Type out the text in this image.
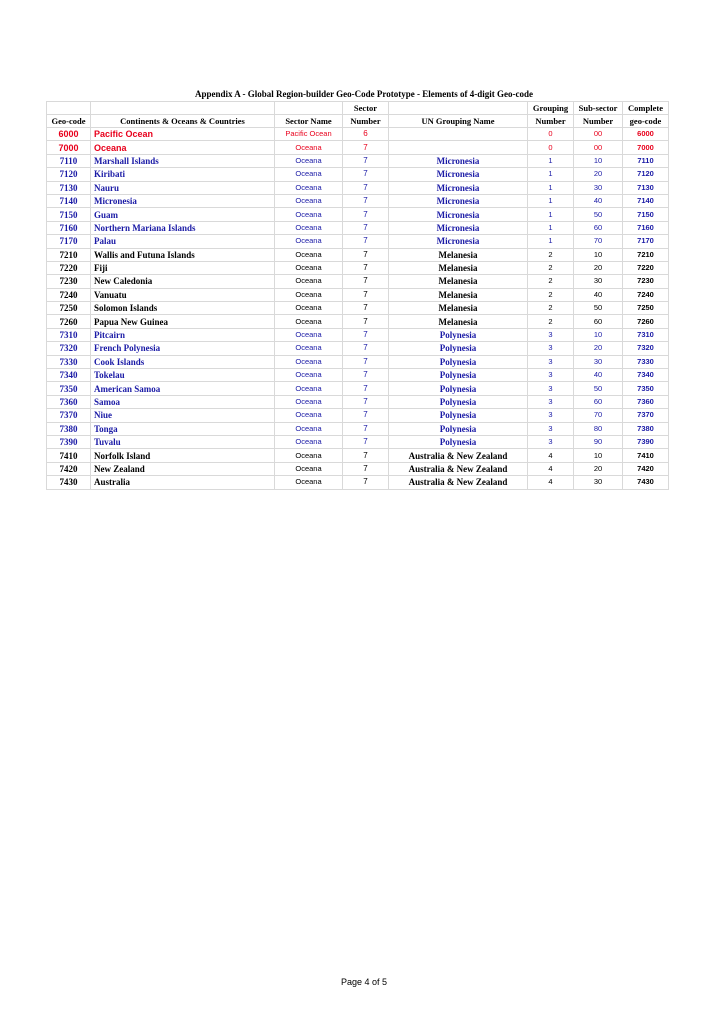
Appendix A - Global Region-builder Geo-Code Prototype - Elements of 4-digit Geo-code
			Sector		Grouping	Sub-sector	Complete
Geo-code	Continents & Oceans & Countries	Sector Name	Number	UN Grouping Name	Number	Number	geo-code
6000	Pacific Ocean	Pacific Ocean	6		0	00	6000
7000	Oceana	Oceana	7		0	00	7000
7110	Marshall Islands	Oceana	7	Micronesia	1	10	7110
7120	Kiribati	Oceana	7	Micronesia	1	20	7120
7130	Nauru	Oceana	7	Micronesia	1	30	7130
7140	Micronesia	Oceana	7	Micronesia	1	40	7140
7150	Guam	Oceana	7	Micronesia	1	50	7150
7160	Northern Mariana Islands	Oceana	7	Micronesia	1	60	7160
7170	Palau	Oceana	7	Micronesia	1	70	7170
7210	Wallis and Futuna Islands	Oceana	7	Melanesia	2	10	7210
7220	Fiji	Oceana	7	Melanesia	2	20	7220
7230	New Caledonia	Oceana	7	Melanesia	2	30	7230
7240	Vanuatu	Oceana	7	Melanesia	2	40	7240
7250	Solomon Islands	Oceana	7	Melanesia	2	50	7250
7260	Papua New Guinea	Oceana	7	Melanesia	2	60	7260
7310	Pitcairn	Oceana	7	Polynesia	3	10	7310
7320	French Polynesia	Oceana	7	Polynesia	3	20	7320
7330	Cook Islands	Oceana	7	Polynesia	3	30	7330
7340	Tokelau	Oceana	7	Polynesia	3	40	7340
7350	American Samoa	Oceana	7	Polynesia	3	50	7350
7360	Samoa	Oceana	7	Polynesia	3	60	7360
7370	Niue	Oceana	7	Polynesia	3	70	7370
7380	Tonga	Oceana	7	Polynesia	3	80	7380
7390	Tuvalu	Oceana	7	Polynesia	3	90	7390
7410	Norfolk Island	Oceana	7	Australia & New Zealand	4	10	7410
7420	New Zealand	Oceana	7	Australia & New Zealand	4	20	7420
7430	Australia	Oceana	7	Australia & New Zealand	4	30	7430
Page 4 of 5
